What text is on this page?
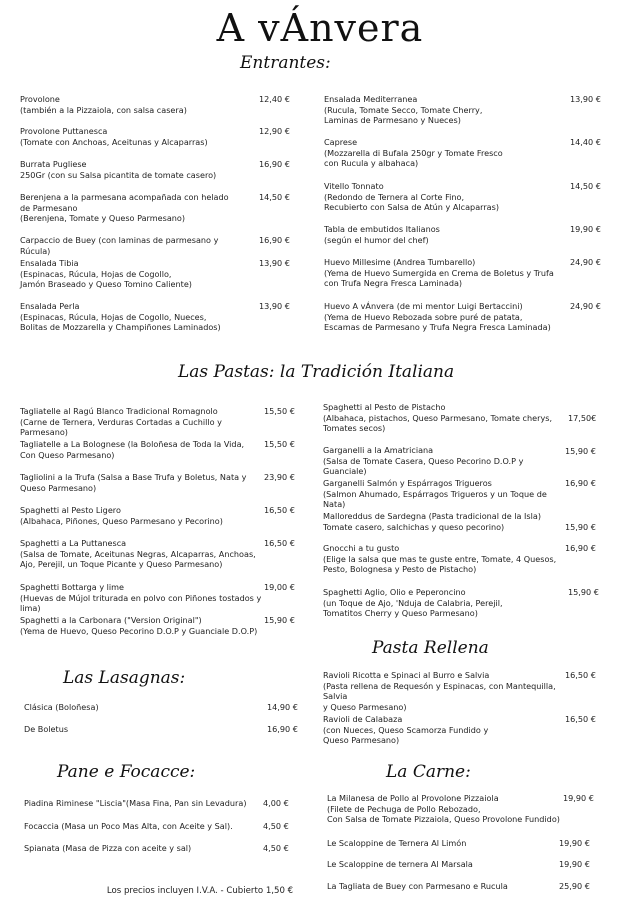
A vÁnvera
Entrantes:
Provolone
(también a la Pizzaiola, con salsa casera)
12,40 €
Provolone Puttanesca
(Tomate con Anchoas, Aceitunas y Alcaparras)
12,90 €
Burrata Pugliese
250Gr (con su Salsa picantita de tomate casero)
16,90 €
Berenjena a la parmesana acompañada con helado
de Parmesano
(Berenjena, Tomate y Queso Parmesano)
14,50 €
Carpaccio de Buey (con laminas de parmesano y Rúcula)
16,90 €
Ensalada Tibia
(Espinacas, Rúcula, Hojas de Cogollo,
Jamón Braseado y Queso Tomino Caliente)
13,90 €
Ensalada Perla
(Espinacas, Rúcula, Hojas de Cogollo, Nueces,
Bolitas de Mozzarella y Champiñones Laminados)
13,90 €
Ensalada Mediterranea
(Rucula, Tomate Secco, Tomate Cherry,
Laminas de Parmesano y Nueces)
13,90 €
Caprese
(Mozzarella di Bufala 250gr y Tomate Fresco
con Rucula y albahaca)
14,40 €
Vitello Tonnato
(Redondo de Ternera al Corte Fino,
Recubierto con Salsa de Atún y Alcaparras)
14,50 €
Tabla de embutidos Italianos
(según el humor del chef)
19,90 €
Huevo Millesime (Andrea Tumbarello)
(Yema de Huevo Sumergida en Crema de Boletus y Trufa
con Trufa Negra Fresca Laminada)
24,90 €
Huevo A vÁnvera (de mi mentor Luigi Bertaccini)
(Yema de Huevo Rebozada sobre puré de patata,
Escamas de Parmesano y Trufa Negra Fresca Laminada)
24,90 €
Las Pastas: la Tradición Italiana
Tagliatelle al Ragú Blanco Tradicional Romagnolo
(Carne de Ternera, Verduras Cortadas a Cuchillo y Parmesano)
15,50 €
Tagliatelle a La Bolognese (la Boloñesa de Toda la Vida,
Con Queso Parmesano)
15,50 €
Tagliolini a la Trufa (Salsa a Base Trufa y Boletus, Nata y
Queso Parmesano)
23,90 €
Spaghetti al Pesto Ligero
(Albahaca, Piñones, Queso Parmesano y Pecorino)
16,50 €
Spaghetti a La Puttanesca
(Salsa de Tomate, Aceitunas Negras, Alcaparras, Anchoas,
Ajo, Perejil, un Toque Picante y Queso Parmesano)
16,50 €
Spaghetti Bottarga y lime
(Huevas de Mújol triturada en polvo con Piñones tostados y lima)
19,00 €
Spaghetti a la Carbonara ("Version Original")
(Yema de Huevo, Queso Pecorino D.O.P y Guanciale D.O.P)
15,90 €
Spaghetti al Pesto de Pistacho
(Albahaca, pistachos, Queso Parmesano, Tomate cherys,
Tomates secos)
17,50€
Garganelli a la Amatriciana
(Salsa de Tomate Casera, Queso Pecorino D.O.P y Guanciale)
15,90 €
Garganelli Salmón y Espárragos Trigueros
(Salmon Ahumado, Espárragos Trigueros y un Toque de Nata)
16,90 €
Malloreddus de Sardegna (Pasta tradicional de la Isla)
Tomate casero, salchichas y queso pecorino)	15,90 €
Gnocchi a tu gusto
(Elige la salsa que mas te guste entre, Tomate, 4 Quesos,
Pesto, Bolognesa y Pesto de Pistacho)
16,90 €
Spaghetti Aglio, Olio e Peperoncino
(un Toque de Ajo, 'Nduja de Calabria, Perejil,
Tomatitos Cherry y Queso Parmesano)
15,90 €
Pasta Rellena
Ravioli Ricotta e Spinaci al Burro e Salvia
(Pasta rellena de Requesón y Espinacas, con Mantequilla, Salvia
y Queso Parmesano)
16,50 €
Ravioli de Calabaza
(con Nueces, Queso Scamorza Fundido y
Queso Parmesano)
16,50 €
Las Lasagnas:
Clásica (Boloñesa)	14,90 €
De Boletus	16,90 €
Pane e Focacce:
Piadina Riminese "Liscia"(Masa Fina, Pan sin Levadura)	4,00 €
Focaccia (Masa un Poco Mas Alta, con Aceite y Sal).	4,50 €
Spianata (Masa de Pizza con aceite y sal)	4,50 €
La Carne:
La Milanesa de Pollo al Provolone Pizzaiola
(Filete de Pechuga de Pollo Rebozado,
Con Salsa de Tomate Pizzaiola, Queso Provolone Fundido)
19,90 €
Le Scaloppine de Ternera Al Limón	19,90 €
Le Scaloppine de ternera Al Marsala	19,90 €
La Tagliata de Buey con Parmesano e Rucula	25,90 €
Los precios incluyen I.V.A. - Cubierto 1,50 €
